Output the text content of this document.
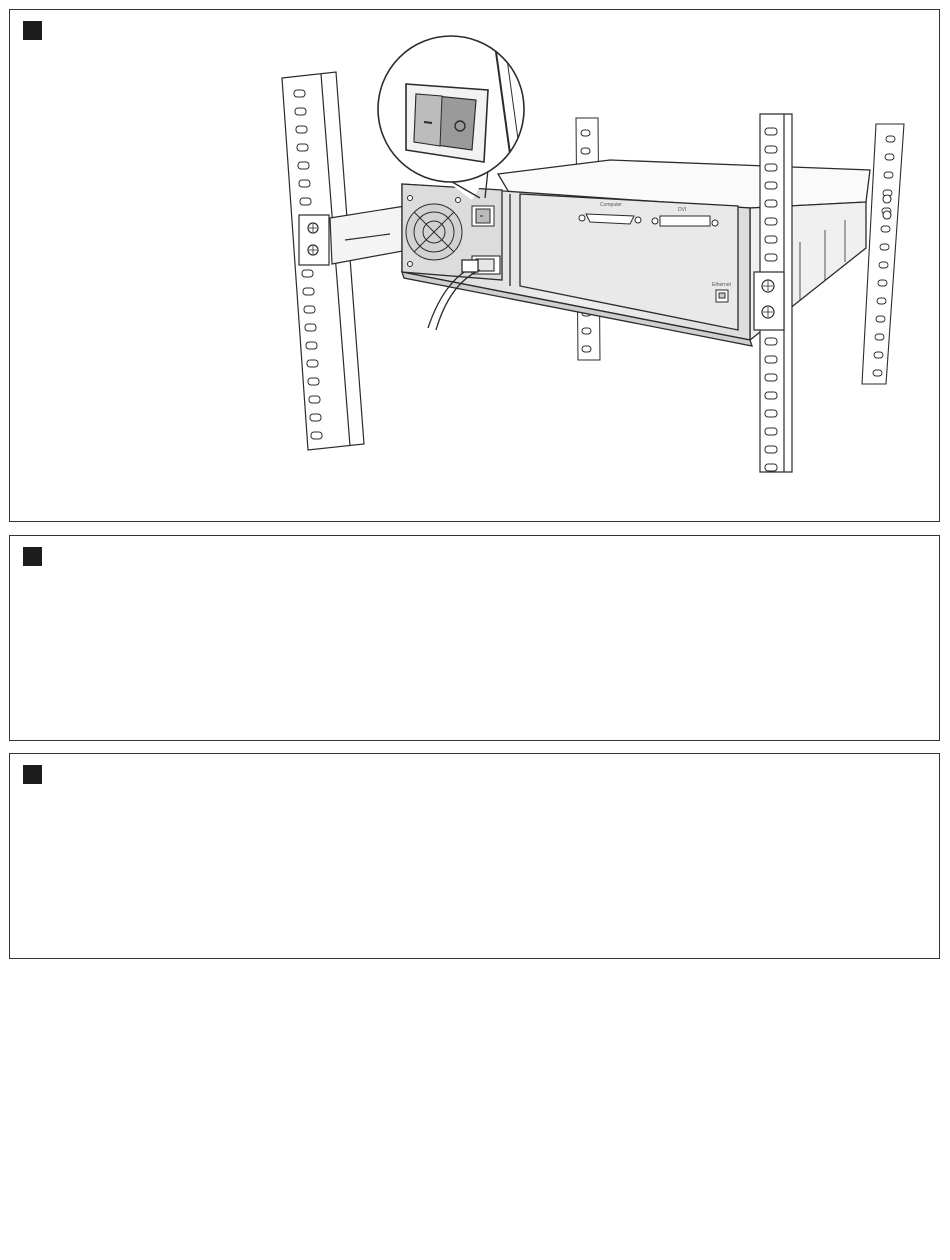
Computer
DVI
Ethernet
